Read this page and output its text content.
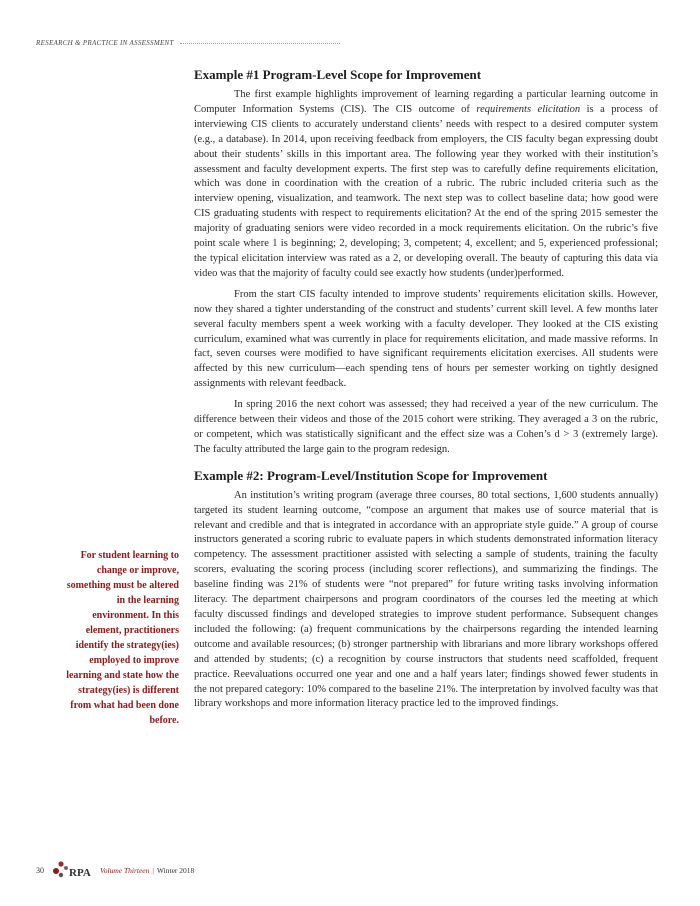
RESEARCH & PRACTICE IN ASSESSMENT
Example #1 Program-Level Scope for Improvement

The first example highlights improvement of learning regarding a particular learning outcome in Computer Information Systems (CIS). The CIS outcome of requirements elicitation is a process of interviewing CIS clients to accurately understand clients’ needs with respect to a desired computer system (e.g., a database). In 2014, upon receiving feedback from employers, the CIS faculty began expressing doubt about their students’ skills in this important area. The following year they worked with their institution’s assessment and faculty development experts. The first step was to carefully define requirements elicitation, which was done in coordination with the creation of a rubric. The rubric included criteria such as the interview opening, visualization, and teamwork. The next step was to collect baseline data; how good were CIS graduating students with respect to requirements elicitation? At the end of the spring 2015 semester the majority of graduating seniors were video recorded in a mock requirements elicitation. On the rubric’s five point scale where 1 is beginning; 2, developing; 3, competent; 4, excellent; and 5, experienced professional; the typical elicitation interview was rated as a 2, or developing overall. The beauty of capturing this data via video was that the majority of faculty could see exactly how students (under)performed.

From the start CIS faculty intended to improve students’ requirements elicitation skills. However, now they shared a tighter understanding of the construct and students’ current skill level. A few months later several faculty members spent a week working with a faculty developer. They looked at the CIS existing curriculum, examined what was currently in place for requirements elicitation, and made massive reforms. In fact, seven courses were modified to have significant requirements elicitation exercises. All students were affected by this new curriculum—each spending tens of hours per semester working on tightly designed assignments with relevant feedback.

In spring 2016 the next cohort was assessed; they had received a year of the new curriculum. The difference between their videos and those of the 2015 cohort were striking. They averaged a 3 on the rubric, or competent, which was statistically significant and the effect size was a Cohen’s d > 3 (extremely large). The faculty attributed the large gain to the program redesign.

Example #2: Program-Level/Institution Scope for Improvement

An institution’s writing program (average three courses, 80 total sections, 1,600 students annually) targeted its student learning outcome, “compose an argument that makes use of source material that is relevant and credible and that is integrated in accordance with an appropriate style guide.” A group of course instructors generated a scoring rubric to evaluate papers in which students demonstrated information literacy competency. The assessment practitioner assisted with selecting a sample of students, training the faculty scorers, evaluating the scoring process (including scorer reflections), and summarizing the findings. The baseline finding was 21% of students were “not prepared” for future writing tasks involving information literacy. The department chairpersons and program coordinators of the courses led the meeting at which faculty discussed findings and developed strategies to improve student performance. Subsequent changes included the following: (a) frequent communications by the chairpersons regarding the intended learning outcome and available resources; (b) stronger partnership with librarians and more library workshops offered and attended by students; (c) a recognition by course instructors that students need scaffolded, frequent practice. Reevaluations occurred one year and one and a half years later; findings showed fewer students in the not prepared category: 10% compared to the baseline 21%. The interpretation by involved faculty was that library workshops and more information literacy practice led to the improved findings.

For student learning to change or improve, something must be altered in the learning environment. In this element, practitioners identify the strategy(ies) employed to improve learning and state how the strategy(ies) is different from what had been done before.
30 RPA Volume Thirteen | Winter 2018
